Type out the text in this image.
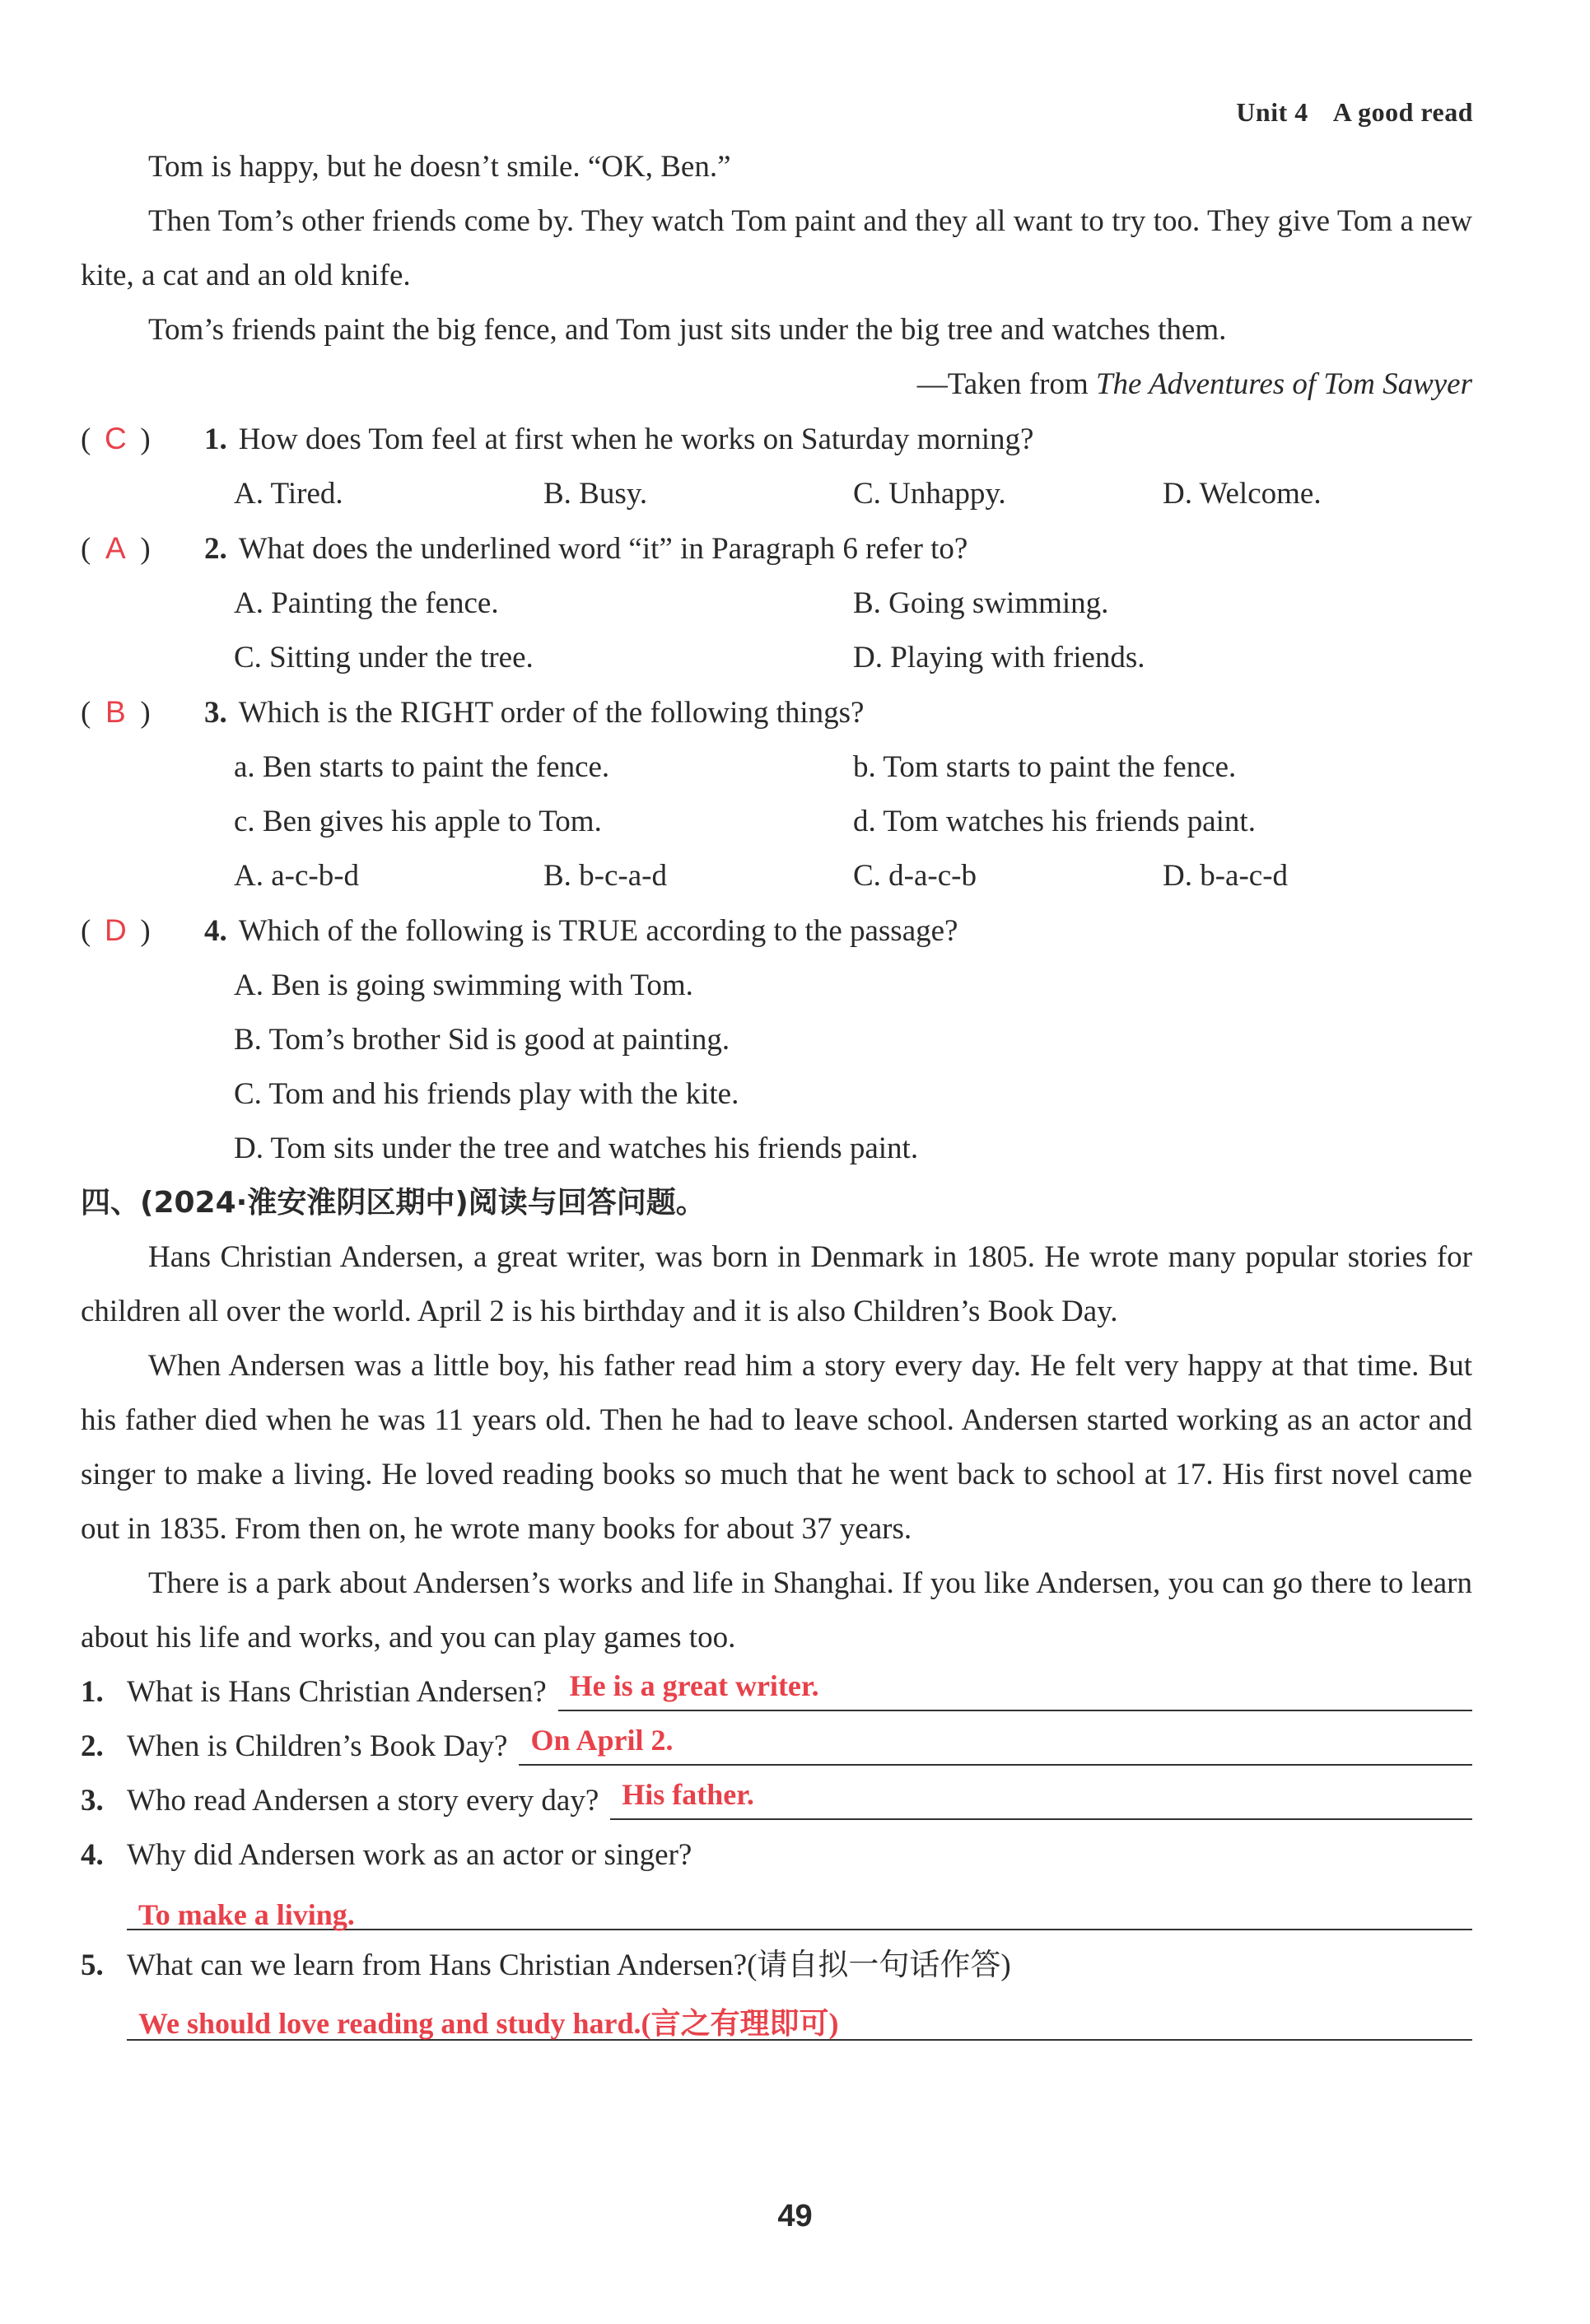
Unit 4 A good read
Tom is happy, but he doesn’t smile. “OK, Ben.”
Then Tom’s other friends come by. They watch Tom paint and they all want to try too. They give Tom a new kite, a cat and an old knife.
Tom’s friends paint the big fence, and Tom just sits under the big tree and watches them.
—Taken from The Adventures of Tom Sawyer
( C ) 1. How does Tom feel at first when he works on Saturday morning?
A. Tired.	B. Busy.	C. Unhappy.	D. Welcome.
( A ) 2. What does the underlined word “it” in Paragraph 6 refer to?
A. Painting the fence.	B. Going swimming.
C. Sitting under the tree.	D. Playing with friends.
( B ) 3. Which is the RIGHT order of the following things?
a. Ben starts to paint the fence.	b. Tom starts to paint the fence.
c. Ben gives his apple to Tom.	d. Tom watches his friends paint.
A. a-c-b-d	B. b-c-a-d	C. d-a-c-b	D. b-a-c-d
( D ) 4. Which of the following is TRUE according to the passage?
A. Ben is going swimming with Tom.
B. Tom’s brother Sid is good at painting.
C. Tom and his friends play with the kite.
D. Tom sits under the tree and watches his friends paint.
四、(2024·淮安淮阴区期中)阅读与回答问题。
Hans Christian Andersen, a great writer, was born in Denmark in 1805. He wrote many popular stories for children all over the world. April 2 is his birthday and it is also Children’s Book Day.
When Andersen was a little boy, his father read him a story every day. He felt very happy at that time. But his father died when he was 11 years old. Then he had to leave school. Andersen started working as an actor and singer to make a living. He loved reading books so much that he went back to school at 17. His first novel came out in 1835. From then on, he wrote many books for about 37 years.
There is a park about Andersen’s works and life in Shanghai. If you like Andersen, you can go there to learn about his life and works, and you can play games too.
1. What is Hans Christian Andersen? He is a great writer.
2. When is Children’s Book Day? On April 2.
3. Who read Andersen a story every day? His father.
4. Why did Andersen work as an actor or singer?
To make a living.
5. What can we learn from Hans Christian Andersen?(请自拟一句话作答)
We should love reading and study hard.(言之有理即可)
49
